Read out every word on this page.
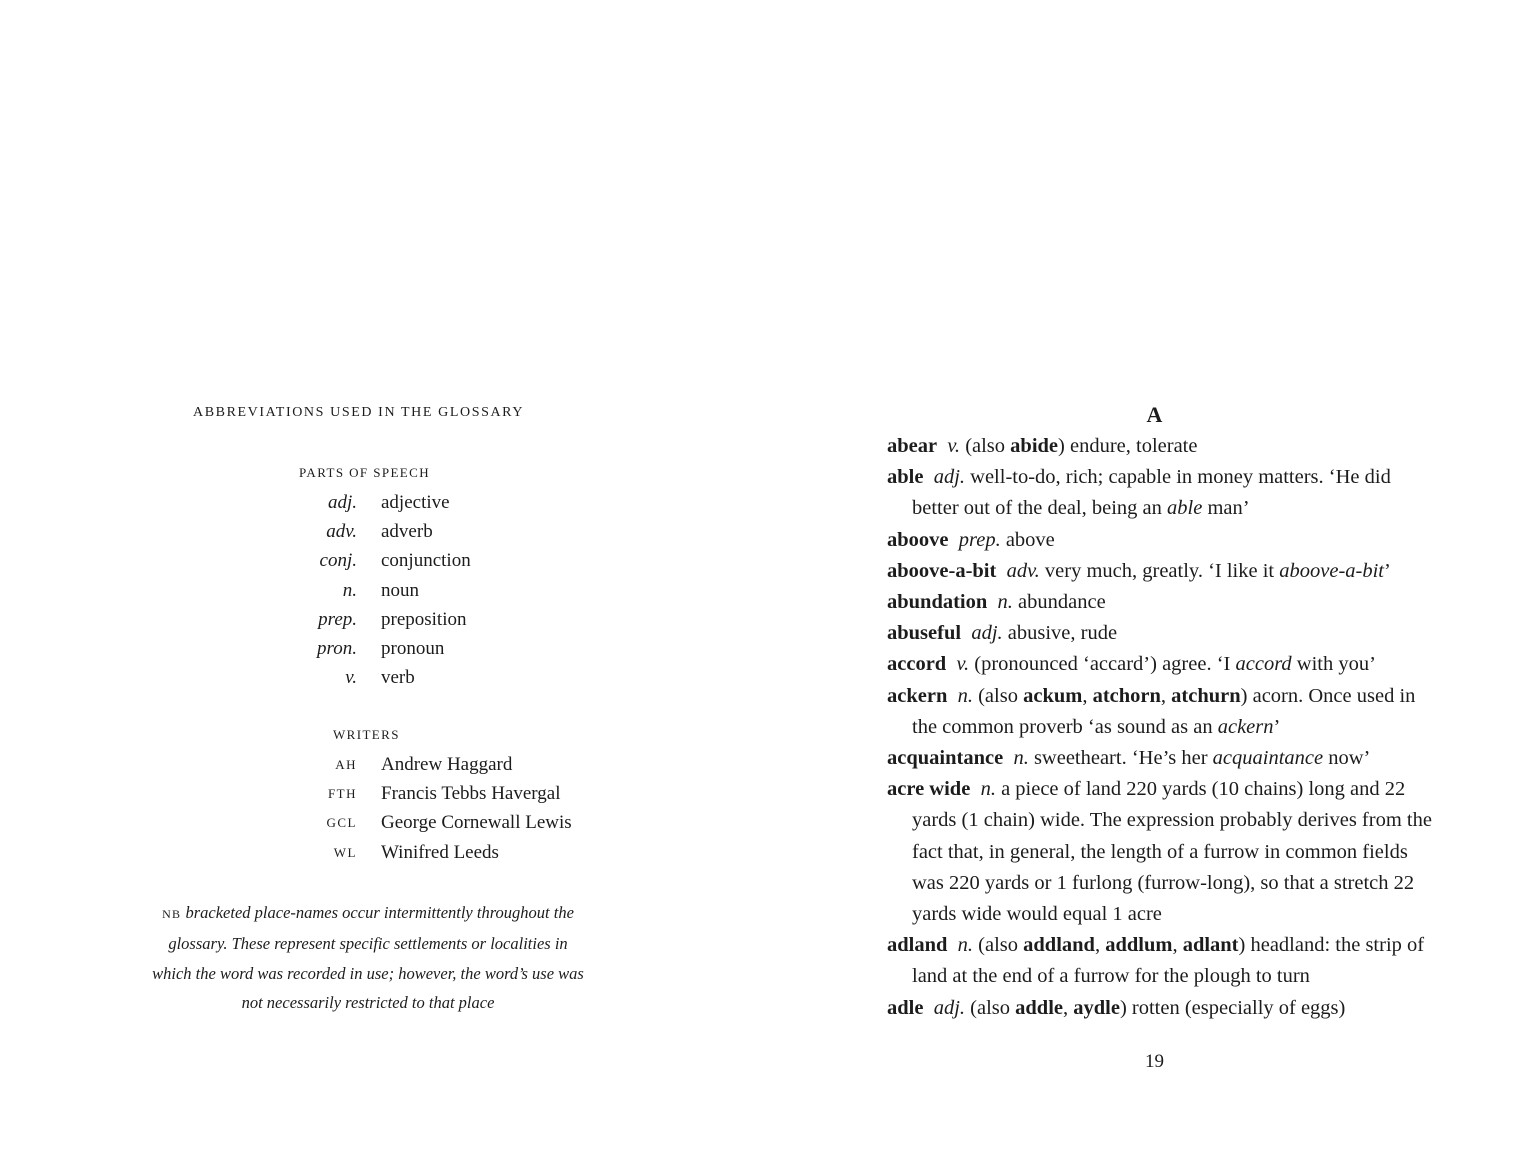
ABBREVIATIONS USED IN THE GLOSSARY
PARTS OF SPEECH
adj. adjective
adv. adverb
conj. conjunction
n. noun
prep. preposition
pron. pronoun
v. verb
WRITERS
AH Andrew Haggard
FTH Francis Tebbs Havergal
GCL George Cornewall Lewis
WL Winifred Leeds
NB bracketed place-names occur intermittently throughout the glossary. These represent specific settlements or localities in which the word was recorded in use; however, the word’s use was not necessarily restricted to that place
A

abear  v. (also abide) endure, tolerate

able  adj. well-to-do, rich; capable in money matters. ‘He did better out of the deal, being an able man’

aboove  prep. above

aboove-a-bit  adv. very much, greatly. ‘I like it aboove-a-bit’

abundation  n. abundance

abuseful  adj. abusive, rude

accord  v. (pronounced ‘accard’) agree. ‘I accord with you’

ackern  n. (also ackum, atchorn, atchurn) acorn. Once used in the common proverb ‘as sound as an ackern’

acquaintance  n. sweetheart. ‘He’s her acquaintance now’

acre wide  n. a piece of land 220 yards (10 chains) long and 22 yards (1 chain) wide. The expression probably derives from the fact that, in general, the length of a furrow in common fields was 220 yards or 1 furlong (furrow-long), so that a stretch 22 yards wide would equal 1 acre

adland  n. (also addland, addlum, adlant) headland: the strip of land at the end of a furrow for the plough to turn

adle  adj. (also addle, aydle) rotten (especially of eggs)

19
